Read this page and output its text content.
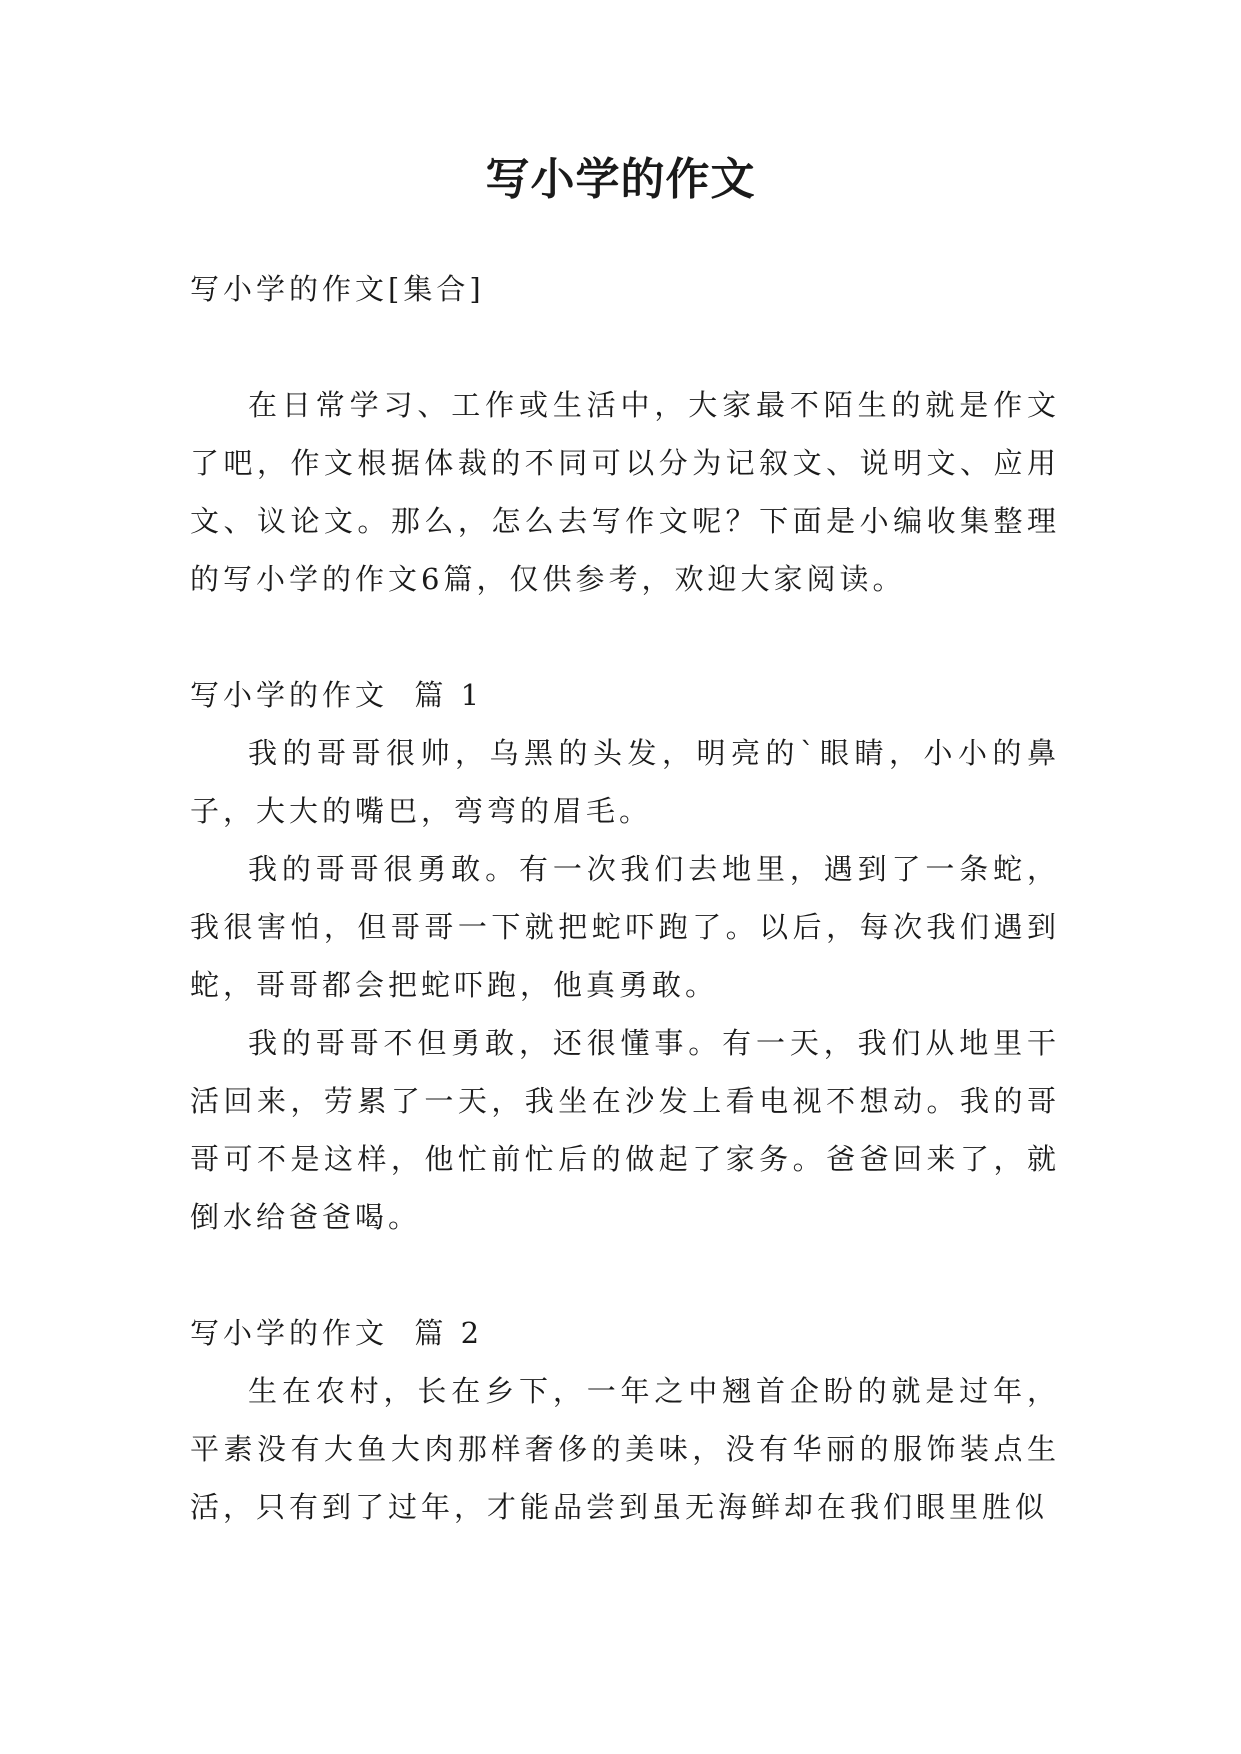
写小学的作文

写小学的作文[集合]

在日常学习、工作或生活中，大家最不陌生的就是作文了吧，作文根据体裁的不同可以分为记叙文、说明文、应用文、议论文。那么，怎么去写作文呢？下面是小编收集整理的写小学的作文6篇，仅供参考，欢迎大家阅读。

写小学的作文  篇 1

我的哥哥很帅，乌黑的头发，明亮的`眼睛，小小的鼻子，大大的嘴巴，弯弯的眉毛。

我的哥哥很勇敢。有一次我们去地里，遇到了一条蛇，我很害怕，但哥哥一下就把蛇吓跑了。以后，每次我们遇到蛇，哥哥都会把蛇吓跑，他真勇敢。

我的哥哥不但勇敢，还很懂事。有一天，我们从地里干活回来，劳累了一天，我坐在沙发上看电视不想动。我的哥哥可不是这样，他忙前忙后的做起了家务。爸爸回来了，就倒水给爸爸喝。

写小学的作文  篇 2

生在农村，长在乡下，一年之中翘首企盼的就是过年，平素没有大鱼大肉那样奢侈的美味，没有华丽的服饰装点生活，只有到了过年，才能品尝到虽无海鲜却在我们眼里胜似
